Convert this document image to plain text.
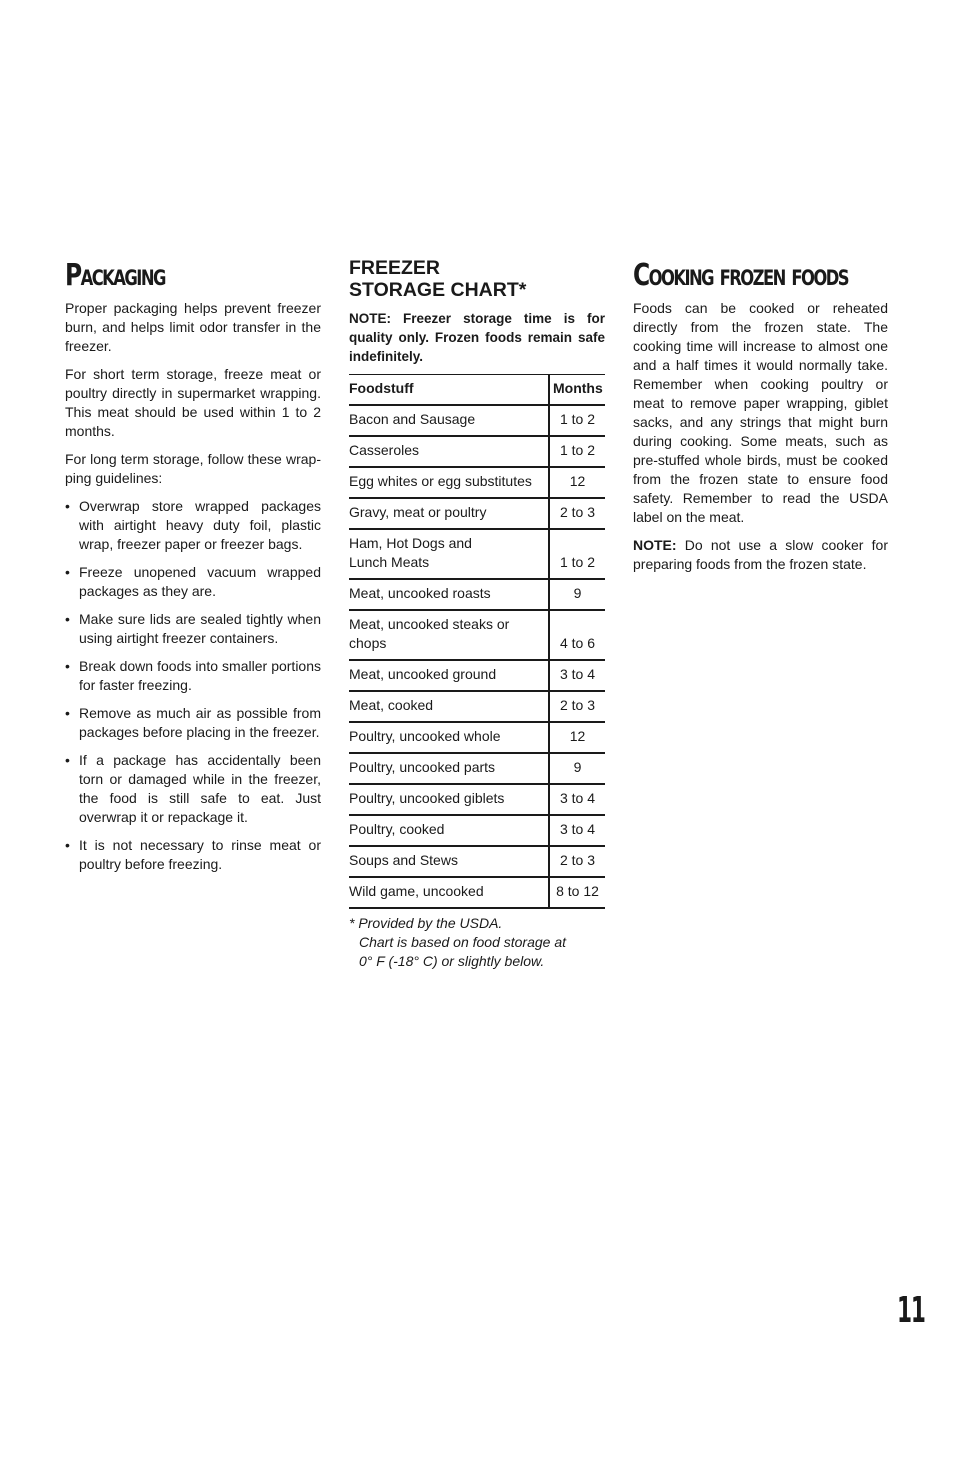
Packaging

Proper packaging helps prevent freezer burn, and helps limit odor transfer in the freezer.

For short term storage, freeze meat or poultry directly in supermarket wrapping. This meat should be used within 1 to 2 months.

For long term storage, follow these wrap-ping guidelines:

• Overwrap store wrapped packages with airtight heavy duty foil, plastic wrap, freezer paper or freezer bags.
• Freeze unopened vacuum wrapped packages as they are.
• Make sure lids are sealed tightly when using airtight freezer containers.
• Break down foods into smaller portions for faster freezing.
• Remove as much air as possible from packages before placing in the freezer.
• If a package has accidentally been torn or damaged while in the freezer, the food is still safe to eat. Just overwrap it or repackage it.
• It is not necessary to rinse meat or poultry before freezing.
FREEZER
STORAGE CHART*

NOTE: Freezer storage time is for quality only. Frozen foods remain safe indefinitely.

Foodstuff	Months
Bacon and Sausage	1 to 2
Casseroles	1 to 2
Egg whites or egg substitutes	12
Gravy, meat or poultry	2 to 3
Ham, Hot Dogs and
Lunch Meats	1 to 2
Meat, uncooked roasts	9
Meat, uncooked steaks or chops	4 to 6
Meat, uncooked ground	3 to 4
Meat, cooked	2 to 3
Poultry, uncooked whole	12
Poultry, uncooked parts	9
Poultry, uncooked giblets	3 to 4
Poultry, cooked	3 to 4
Soups and Stews	2 to 3
Wild game, uncooked	8 to 12
* Provided by the USDA.
Chart is based on food storage at
0° F (-18° C) or slightly below.
Cooking frozen foods

Foods can be cooked or reheated directly from the frozen state. The cooking time will increase to almost one and a half times it would normally take. Remember when cooking poultry or meat to remove paper wrapping, giblet sacks, and any strings that might burn during cooking. Some meats, such as pre-stuffed whole birds, must be cooked from the frozen state to ensure food safety. Remember to read the USDA label on the meat.

NOTE: Do not use a slow cooker for preparing foods from the frozen state.

11
